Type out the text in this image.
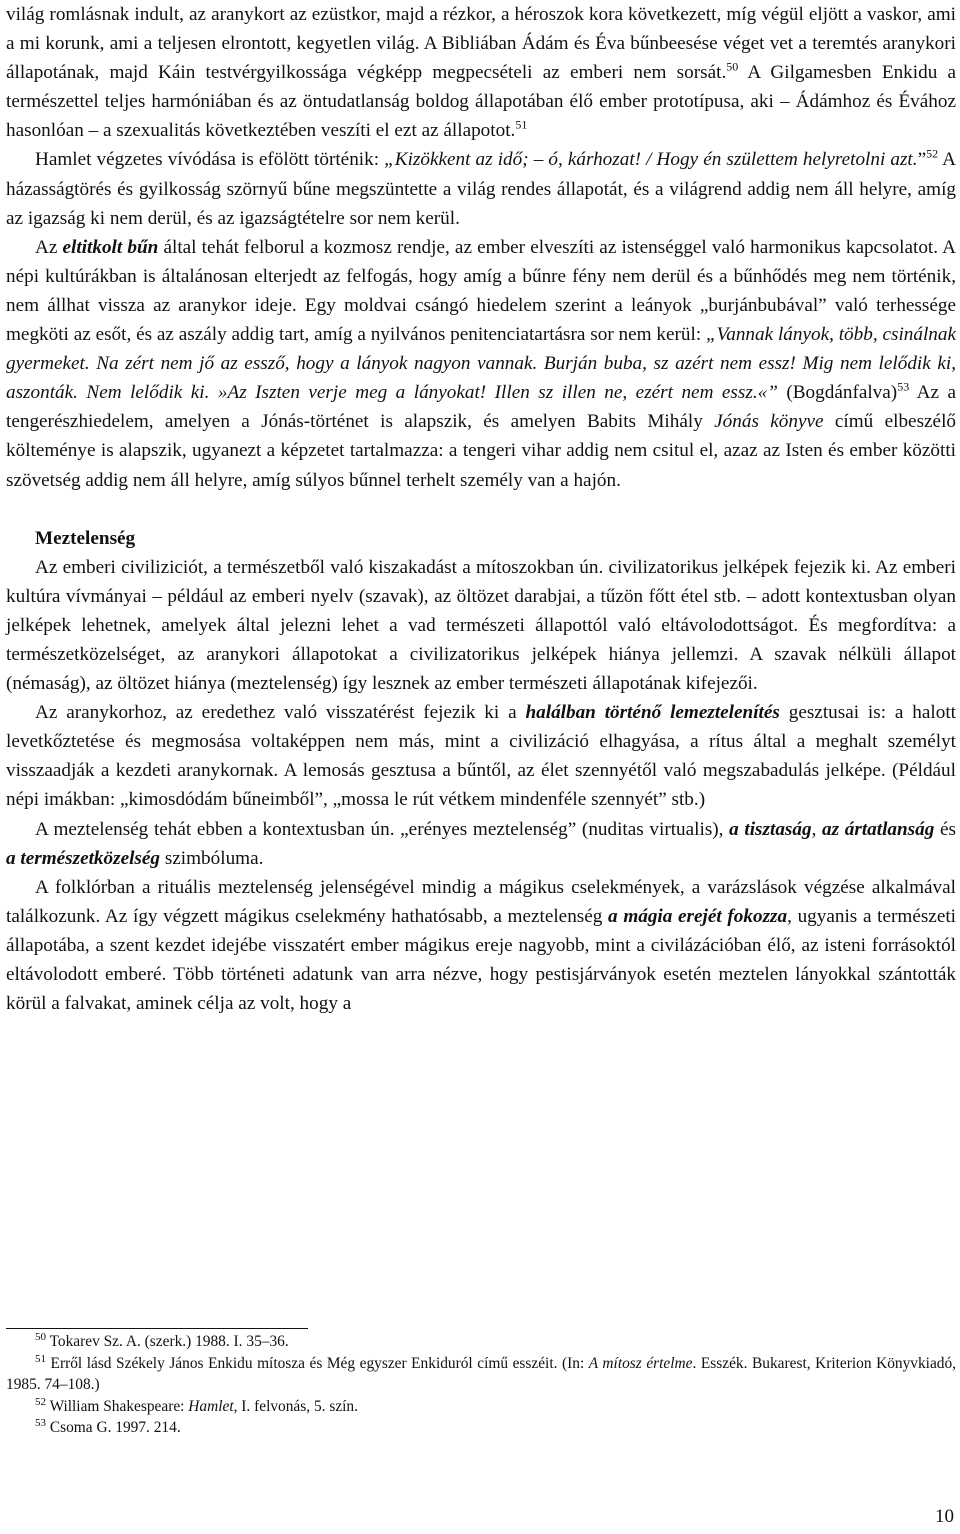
világ romlásnak indult, az aranykort az ezüstkor, majd a rézkor, a héroszok kora következett, míg végül eljött a vaskor, ami a mi korunk, ami a teljesen elrontott, kegyetlen világ. A Bibliában Ádám és Éva bűnbeesése véget vet a teremtés aranykori állapotának, majd Káin testvérgyilkossága végképp megpecsételi az emberi nem sorsát.$^{50}$ A Gilgamesben Enkidu a természettel teljes harmóniában és az öntudatlanság boldog állapotában élő ember prototípusa, aki – Ádámhoz és Évához hasonlóan – a szexualitás következtében veszíti el ezt az állapotot.$^{51}$

Hamlet végzetes vívódása is efölött történik: „Kizökkent az idő; – ó, kárhozat! / Hogy én születtem helyretolni azt.”$^{52}$ A házasságtörés és gyilkosság szörnyű bűne megszüntette a világ rendes állapotát, és a világrend addig nem áll helyre, amíg az igazság ki nem derül, és az igazságtételre sor nem kerül.

Az eltitkolt bűn által tehát felborul a kozmosz rendje, az ember elveszíti az istenséggel való harmonikus kapcsolatot. A népi kultúrákban is általánosan elterjedt az felfogás, hogy amíg a bűnre fény nem derül és a bűnhődés meg nem történik, nem állhat vissza az aranykor ideje. Egy moldvai csángó hiedelem szerint a leányok „burjánbubával” való terhessége megköti az esőt, és az aszály addig tart, amíg a nyilvános penitenciatartásra sor nem kerül: „Vannak lányok, több, csinálnak gyermeket. Na zért nem jő az essző, hogy a lányok nagyon vannak. Burján buba, sz azért nem essz! Mig nem lelődik ki, aszonták. Nem lelődik ki. »Az Iszten verje meg a lányokat! Illen sz illen ne, ezért nem essz.«” (Bogdánfalva)$^{53}$ Az a tengerészhiedelem, amelyen a Jónás-történet is alapszik, és amelyen Babits Mihály Jónás könyve című elbeszélő költeménye is alapszik, ugyanezt a képzetet tartalmazza: a tengeri vihar addig nem csitul el, azaz az Isten és ember közötti szövetség addig nem áll helyre, amíg súlyos bűnnel terhelt személy van a hajón.

Meztelenség

Az emberi civiliziciót, a természetből való kiszakadást a mítoszokban ún. civilizatorikus jelképek fejezik ki. Az emberi kultúra vívmányai – például az emberi nyelv (szavak), az öltözet darabjai, a tűzön főtt étel stb. – adott kontextusban olyan jelképek lehetnek, amelyek által jelezni lehet a vad természeti állapottól való eltávolodottságot. És megfordítva: a természetközelséget, az aranykori állapotokat a civilizatorikus jelképek hiánya jellemzi. A szavak nélküli állapot (némaság), az öltözet hiánya (meztelenség) így lesznek az ember természeti állapotának kifejezői.

Az aranykorhoz, az eredethez való visszatérést fejezik ki a halálban történő lemeztelenítés gesztusai is: a halott levetkőztetése és megmosása voltaképpen nem más, mint a civilizáció elhagyása, a rítus által a meghalt személyt visszaadják a kezdeti aranykornak. A lemosás gesztusa a bűntől, az élet szennyétől való megszabadulás jelképe. (Például népi imákban: „kimosdódám bűneimből”, „mossa le rút vétkem mindenféle szennyét” stb.)

A meztelenség tehát ebben a kontextusban ún. „erényes meztelenség” (nuditas virtualis), a tisztaság, az ártatlanság és a természetközelség szimbóluma.

A folklórban a rituális meztelenség jelenségével mindig a mágikus cselekmények, a varázslások végzése alkalmával találkozunk. Az így végzett mágikus cselekmény hathatósabb, a meztelenség a mágia erejét fokozza, ugyanis a természeti állapotába, a szent kezdet idejébe visszatért ember mágikus ereje nagyobb, mint a civilázációban élő, az isteni forrásoktól eltávolodott emberé. Több történeti adatunk van arra nézve, hogy pestisjárványok esetén meztelen lányokkal szántották körül a falvakat, aminek célja az volt, hogy a

$^{50}$ Tokarev Sz. A. (szerk.) 1988. I. 35–36.

$^{51}$ Erről lásd Székely János Enkidu mítosza és Még egyszer Enkiduról című esszéit. (In: A mítosz értelme. Esszék. Bukarest, Kriterion Könyvkiadó, 1985. 74–108.)

$^{52}$ William Shakespeare: Hamlet, I. felvonás, 5. szín.

$^{53}$ Csoma G. 1997. 214.

10
